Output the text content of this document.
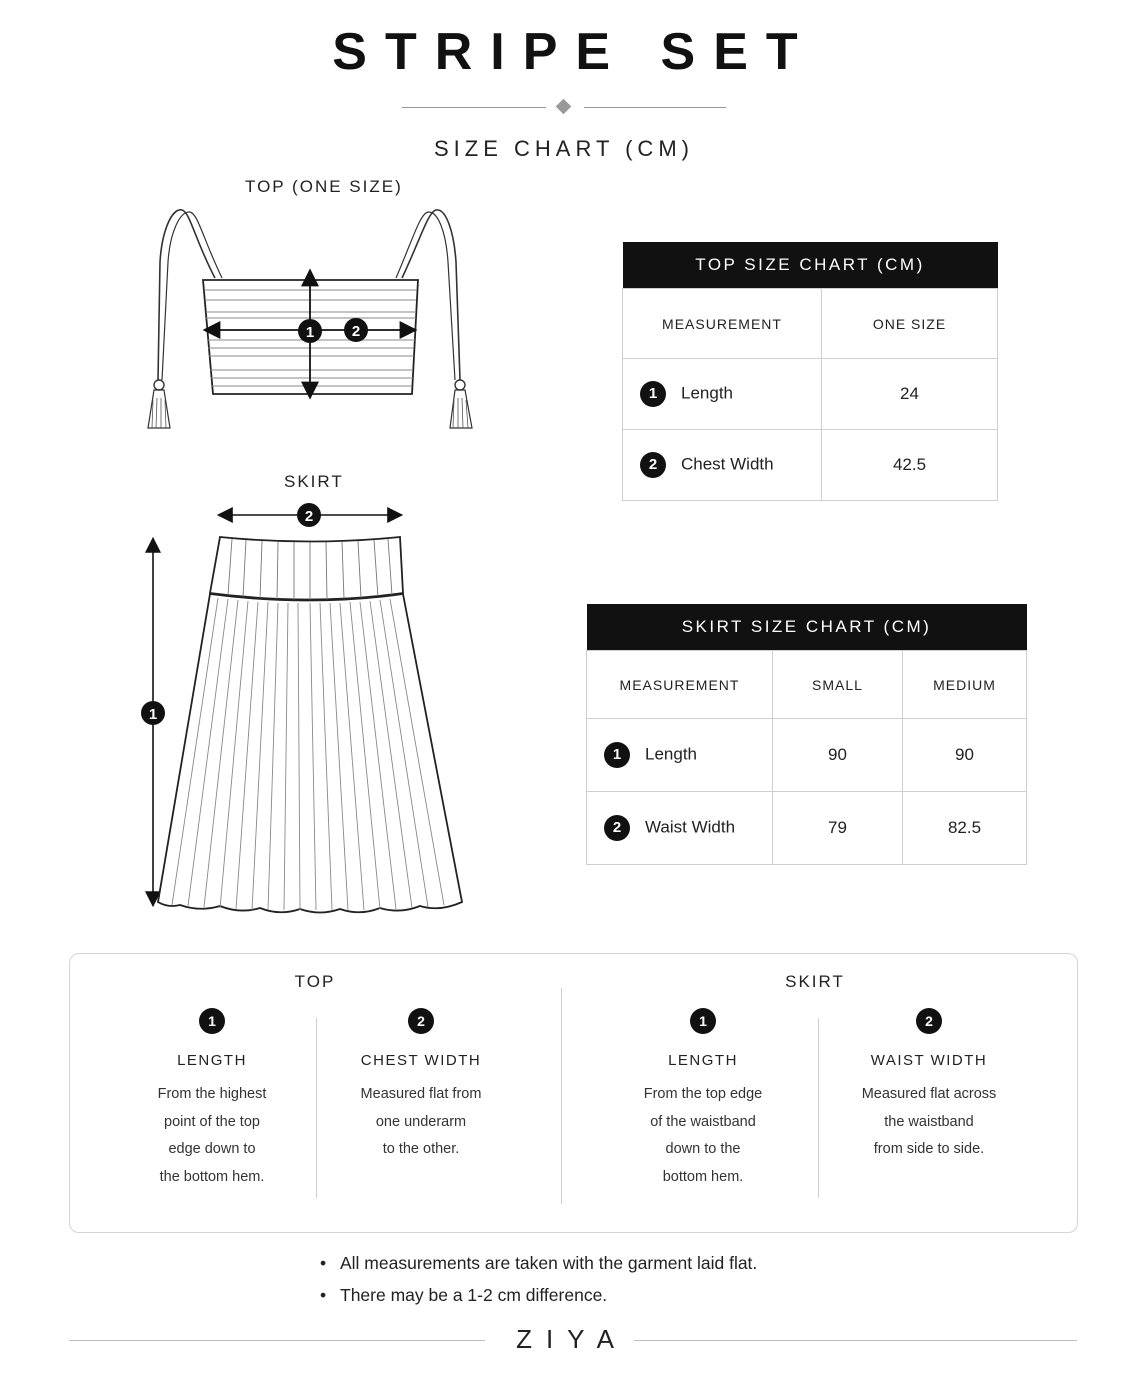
STRIPE SET
SIZE CHART (CM)
TOP (ONE SIZE)
SKIRT
1	2
2
1
TOP SIZE CHART (CM)	
MEASUREMENT	ONE SIZE
1 Length	24
2 Chest Width	42.5
SKIRT SIZE CHART (CM)		
MEASUREMENT	SMALL	MEDIUM
1 Length	90	90
2 Waist Width	79	82.5
TOP	SKIRT
1
LENGTH
From the highest
point of the top
edge down to
the bottom hem.
2
CHEST WIDTH
Measured flat from
one underarm
to the other.
1
LENGTH
From the top edge
of the waistband
down to the
bottom hem.
2
WAIST WIDTH
Measured flat across
the waistband
from side to side.
• All measurements are taken with the garment laid flat.
• There may be a 1-2 cm difference.
ZIYA
